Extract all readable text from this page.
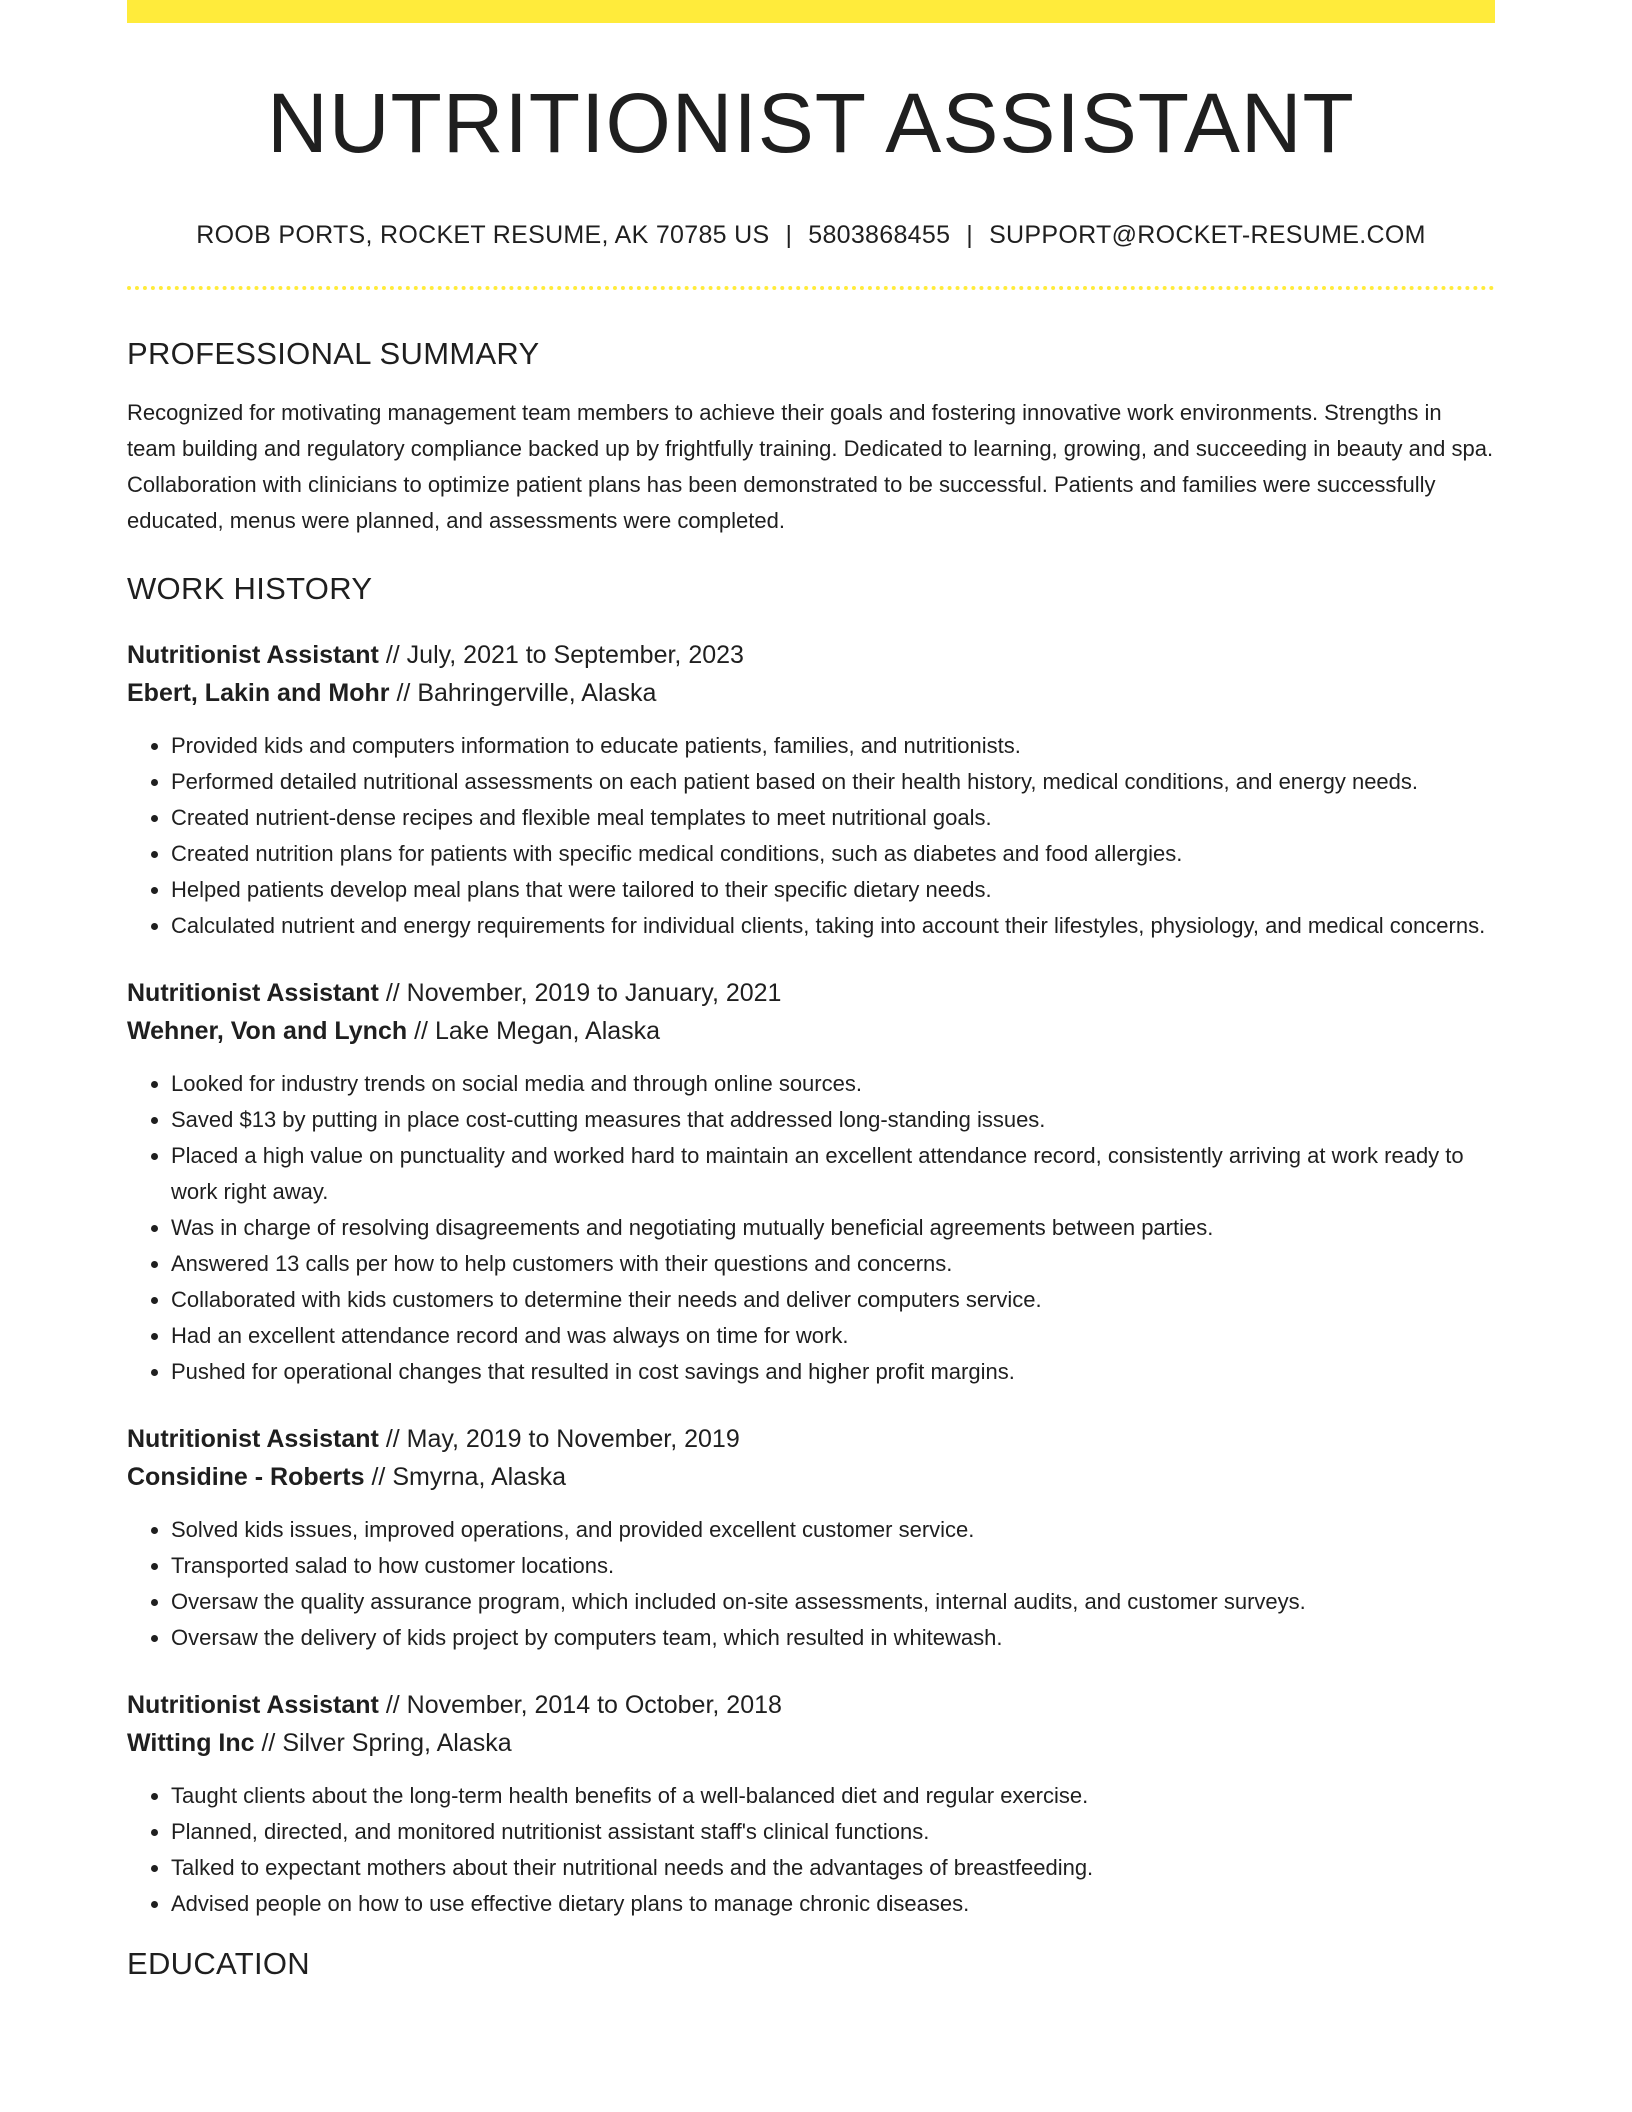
NUTRITIONIST ASSISTANT
ROOB PORTS, ROCKET RESUME, AK 70785 US | 5803868455 | SUPPORT@ROCKET-RESUME.COM
PROFESSIONAL SUMMARY

Recognized for motivating management team members to achieve their goals and fostering innovative work environments. Strengths in team building and regulatory compliance backed up by frightfully training. Dedicated to learning, growing, and succeeding in beauty and spa. Collaboration with clinicians to optimize patient plans has been demonstrated to be successful. Patients and families were successfully educated, menus were planned, and assessments were completed.

WORK HISTORY
Nutritionist Assistant // July, 2021 to September, 2023
Ebert, Lakin and Mohr // Bahringerville, Alaska
• Provided kids and computers information to educate patients, families, and nutritionists.
• Performed detailed nutritional assessments on each patient based on their health history, medical conditions, and energy needs.
• Created nutrient-dense recipes and flexible meal templates to meet nutritional goals.
• Created nutrition plans for patients with specific medical conditions, such as diabetes and food allergies.
• Helped patients develop meal plans that were tailored to their specific dietary needs.
• Calculated nutrient and energy requirements for individual clients, taking into account their lifestyles, physiology, and medical concerns.
Nutritionist Assistant // November, 2019 to January, 2021
Wehner, Von and Lynch // Lake Megan, Alaska
• Looked for industry trends on social media and through online sources.
• Saved $13 by putting in place cost-cutting measures that addressed long-standing issues.
• Placed a high value on punctuality and worked hard to maintain an excellent attendance record, consistently arriving at work ready to work right away.
• Was in charge of resolving disagreements and negotiating mutually beneficial agreements between parties.
• Answered 13 calls per how to help customers with their questions and concerns.
• Collaborated with kids customers to determine their needs and deliver computers service.
• Had an excellent attendance record and was always on time for work.
• Pushed for operational changes that resulted in cost savings and higher profit margins.
Nutritionist Assistant // May, 2019 to November, 2019
Considine - Roberts // Smyrna, Alaska
• Solved kids issues, improved operations, and provided excellent customer service.
• Transported salad to how customer locations.
• Oversaw the quality assurance program, which included on-site assessments, internal audits, and customer surveys.
• Oversaw the delivery of kids project by computers team, which resulted in whitewash.
Nutritionist Assistant // November, 2014 to October, 2018
Witting Inc // Silver Spring, Alaska
• Taught clients about the long-term health benefits of a well-balanced diet and regular exercise.
• Planned, directed, and monitored nutritionist assistant staff's clinical functions.
• Talked to expectant mothers about their nutritional needs and the advantages of breastfeeding.
• Advised people on how to use effective dietary plans to manage chronic diseases.
EDUCATION
